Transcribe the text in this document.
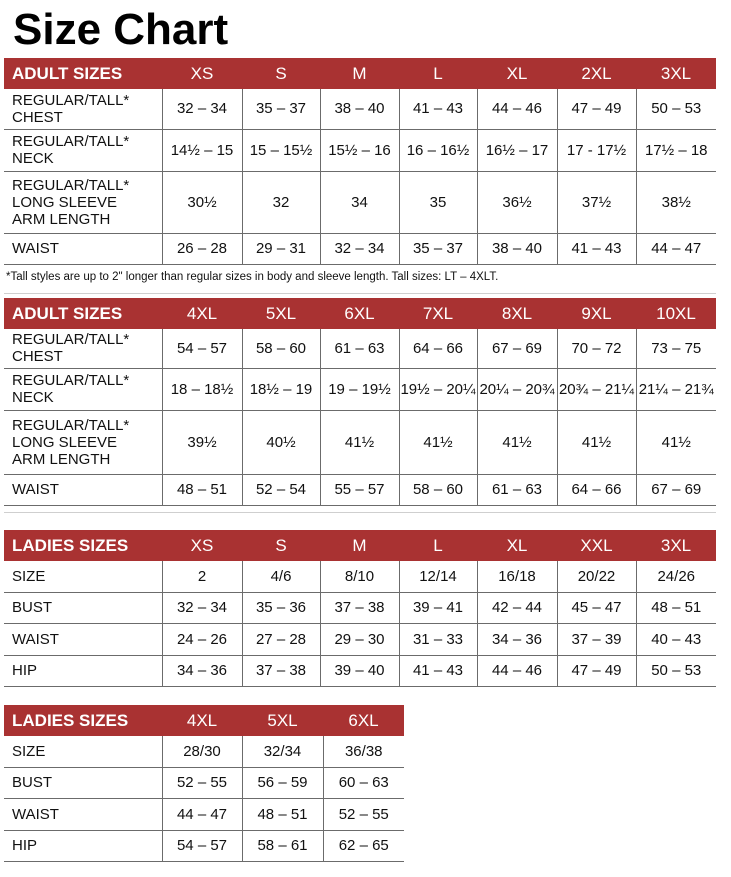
Size Chart
ADULT SIZES	XS	S	M	L	XL	2XL	3XL

REGULAR/TALL*
CHEST	32 – 34	35 – 37	38 – 40	41 – 43	44 – 46	47 – 49	50 – 53

REGULAR/TALL*
NECK	14½ – 15	15 – 15½	15½ – 16	16 – 16½	16½ – 17	17 - 17½	17½ – 18

REGULAR/TALL*
LONG SLEEVE
ARM LENGTH	30½	32	34	35	36½	37½	38½

WAIST	26 – 28	29 – 31	32 – 34	35 – 37	38 – 40	41 – 43	44 – 47
*Tall styles are up to 2" longer than regular sizes in body and sleeve length. Tall sizes: LT – 4XLT.
ADULT SIZES	4XL	5XL	6XL	7XL	8XL	9XL	10XL

REGULAR/TALL*
CHEST	54 – 57	58 – 60	61 – 63	64 – 66	67 – 69	70 – 72	73 – 75

REGULAR/TALL*
NECK	18 – 18½	18½ – 19	19 – 19½	19½ – 20¼	20¼ – 20¾	20¾ – 21¼	21¼ – 21¾

REGULAR/TALL*
LONG SLEEVE
ARM LENGTH	39½	40½	41½	41½	41½	41½	41½

WAIST	48 – 51	52 – 54	55 – 57	58 – 60	61 – 63	64 – 66	67 – 69
LADIES SIZES	XS	S	M	L	XL	XXL	3XL

SIZE	2	4/6	8/10	12/14	16/18	20/22	24/26

BUST	32 – 34	35 – 36	37 – 38	39 – 41	42 – 44	45 – 47	48 – 51

WAIST	24 – 26	27 – 28	29 – 30	31 – 33	34 – 36	37 – 39	40 – 43

HIP	34 – 36	37 – 38	39 – 40	41 – 43	44 – 46	47 – 49	50 – 53
LADIES SIZES	4XL	5XL	6XL

SIZE	28/30	32/34	36/38

BUST	52 – 55	56 – 59	60 – 63

WAIST	44 – 47	48 – 51	52 – 55

HIP	54 – 57	58 – 61	62 – 65
